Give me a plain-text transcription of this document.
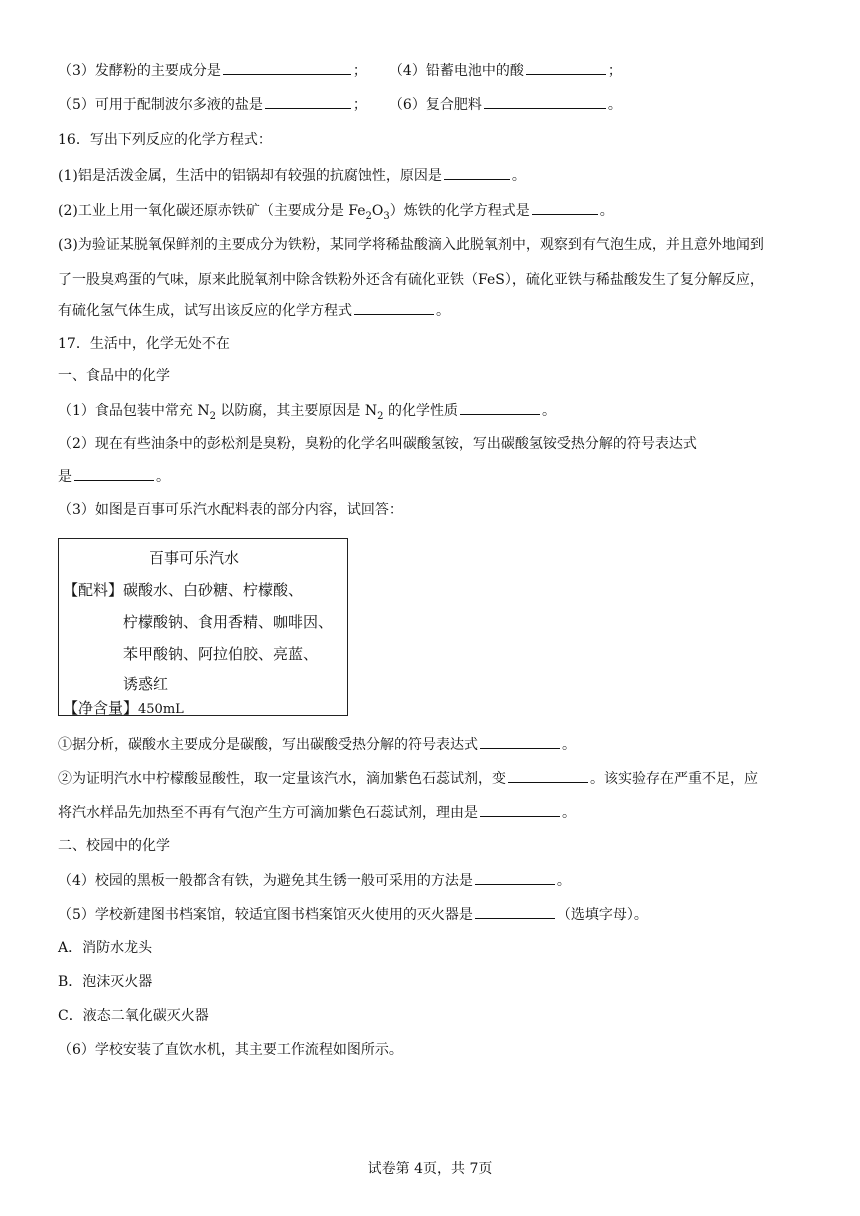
（3）发酵粉的主要成分是	； （4）铅蓄电池中的酸	；
（5）可用于配制波尔多液的盐是	； （6）复合肥料	。
16．写出下列反应的化学方程式：
(1)铝是活泼金属，生活中的铝锅却有较强的抗腐蚀性，原因是	。
(2)工业上用一氧化碳还原赤铁矿（主要成分是 $Fe_2O_3$）炼铁的化学方程式是	。
(3)为验证某脱氧保鲜剂的主要成分为铁粉，某同学将稀盐酸滴入此脱氧剂中，观察到有气泡生成，并且意外地闻到
了一股臭鸡蛋的气味，原来此脱氧剂中除含铁粉外还含有硫化亚铁（FeS），硫化亚铁与稀盐酸发生了复分解反应，
有硫化氢气体生成，试写出该反应的化学方程式	。
17．生活中，化学无处不在
一、食品中的化学
（1）食品包装中常充 $N_2$ 以防腐，其主要原因是 $N_2$ 的化学性质	。
（2）现在有些油条中的彭松剂是臭粉，臭粉的化学名叫碳酸氢铵，写出碳酸氢铵受热分解的符号表达式
是	。
（3）如图是百事可乐汽水配料表的部分内容，试回答：
百事可乐汽水
【配料】碳酸水、白砂糖、柠檬酸、
柠檬酸钠、食用香精、咖啡因、
苯甲酸钠、阿拉伯胶、亮蓝、
诱惑红
【净含量】450mL
①据分析，碳酸水主要成分是碳酸，写出碳酸受热分解的符号表达式	。
②为证明汽水中柠檬酸显酸性，取一定量该汽水，滴加紫色石蕊试剂，变	。该实验存在严重不足，应
将汽水样品先加热至不再有气泡产生方可滴加紫色石蕊试剂，理由是	。
二、校园中的化学
（4）校园的黑板一般都含有铁，为避免其生锈一般可采用的方法是	。
（5）学校新建图书档案馆，较适宜图书档案馆灭火使用的灭火器是	（选填字母）。
A．消防水龙头
B．泡沫灭火器
C．液态二氧化碳灭火器
（6）学校安装了直饮水机，其主要工作流程如图所示。
试卷第 4页，共 7页
